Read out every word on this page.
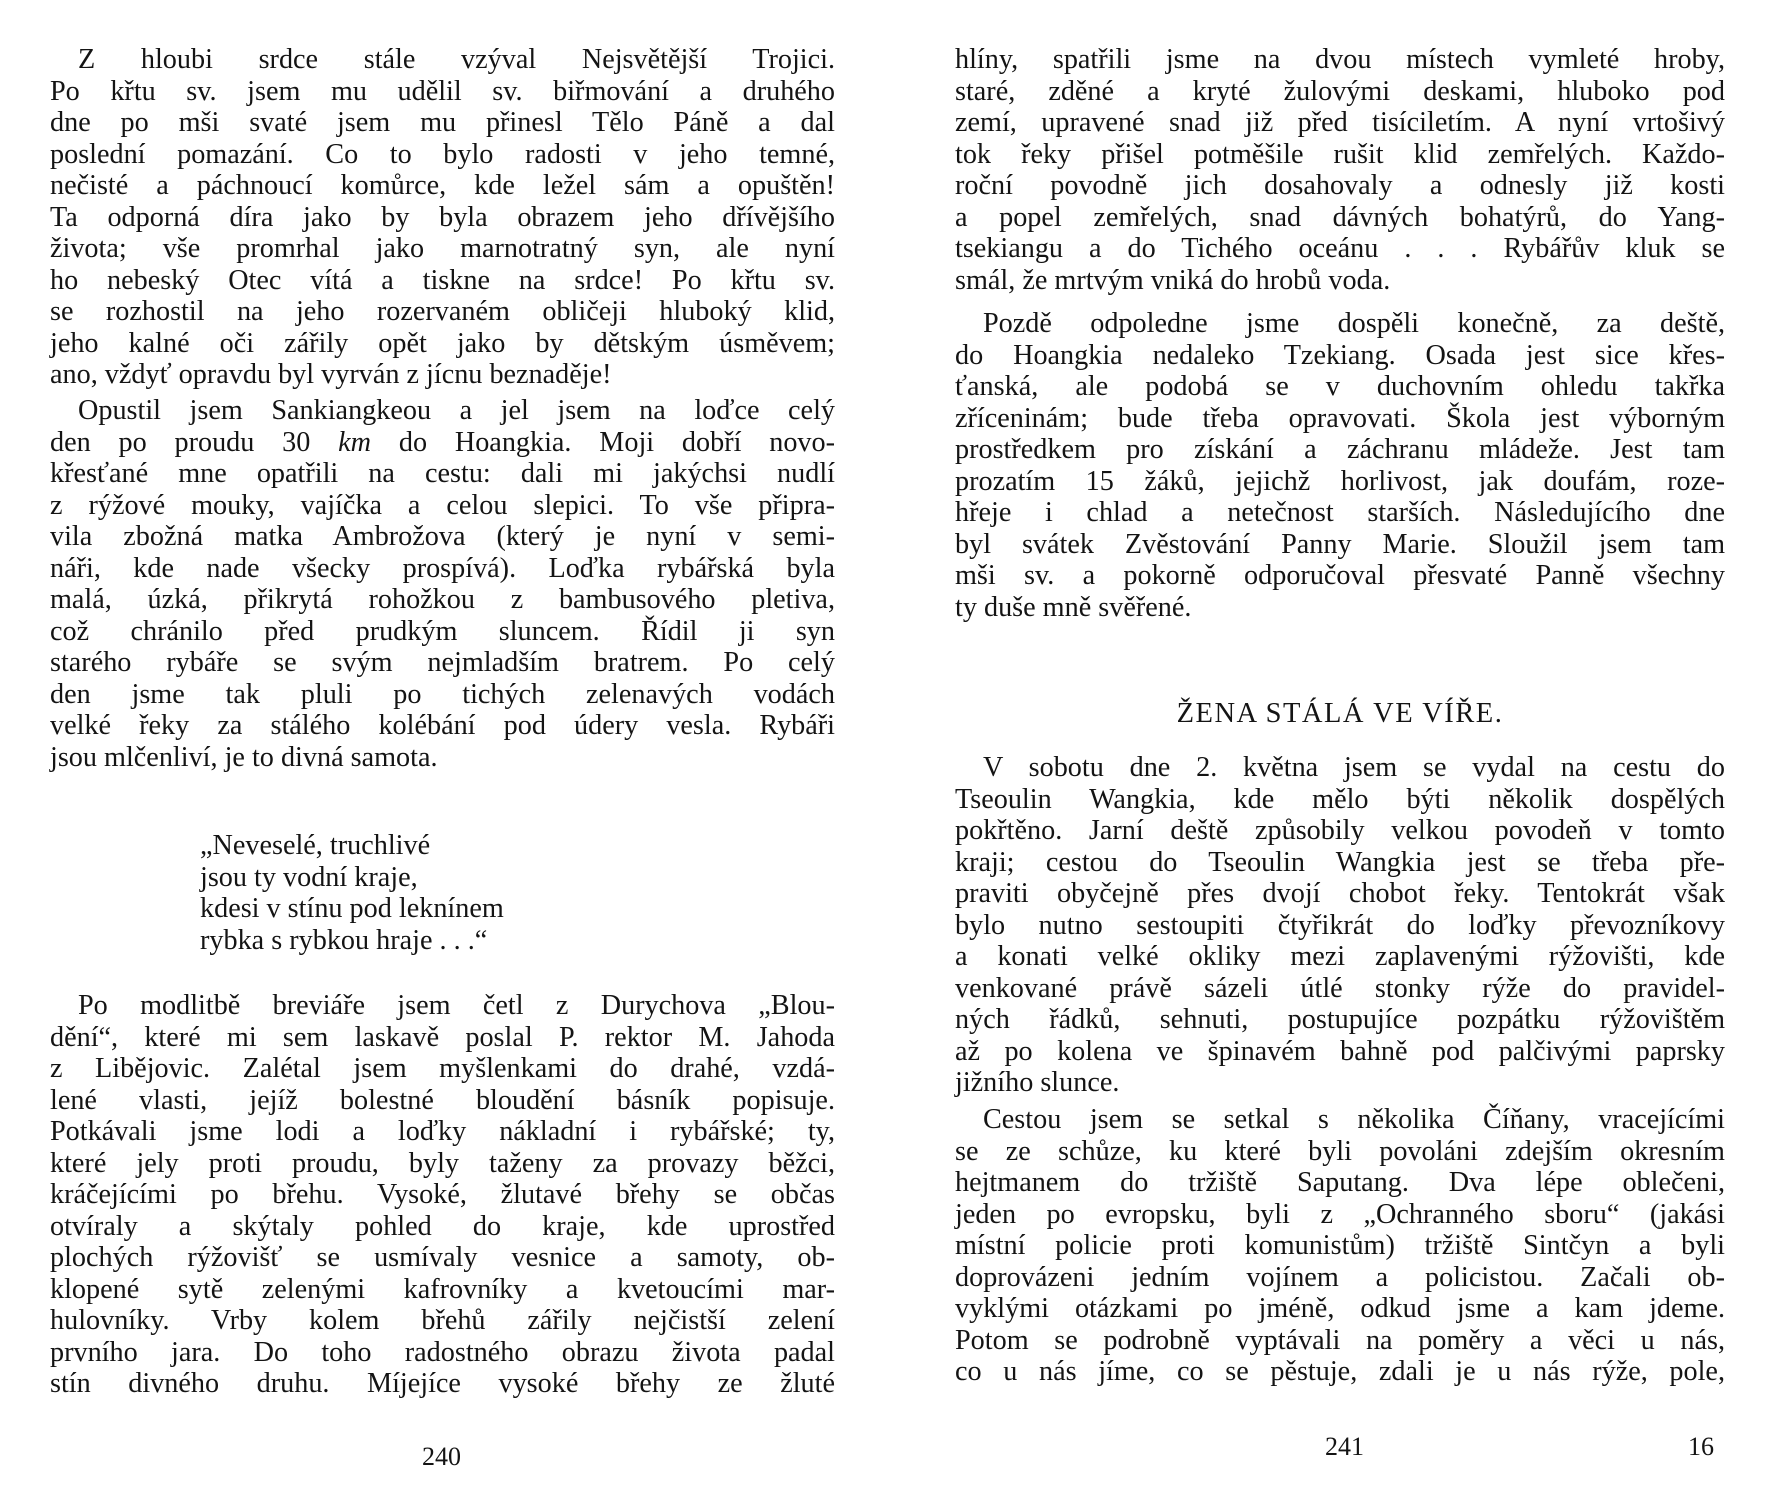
Z hloubi srdce stále vzýval Nejsvětější Trojici.
Po křtu sv. jsem mu udělil sv. biřmování a druhého
dne po mši svaté jsem mu přinesl Tělo Páně a dal
poslední pomazání. Co to bylo radosti v jeho temné,
nečisté a páchnoucí komůrce, kde ležel sám a opuštěn!
Ta odporná díra jako by byla obrazem jeho dřívějšího
života; vše promrhal jako marnotratný syn, ale nyní
ho nebeský Otec vítá a tiskne na srdce! Po křtu sv.
se rozhostil na jeho rozervaném obličeji hluboký klid,
jeho kalné oči zářily opět jako by dětským úsměvem;
ano, vždyť opravdu byl vyrván z jícnu beznaděje!
Opustil jsem Sankiangkeou a jel jsem na loďce celý
den po proudu 30 km do Hoangkia. Moji dobří novo-
křesťané mne opatřili na cestu: dali mi jakýchsi nudlí
z rýžové mouky, vajíčka a celou slepici. To vše připra-
vila zbožná matka Ambrožova (který je nyní v semi-
náři, kde nade všecky prospívá). Loďka rybářská byla
malá, úzká, přikrytá rohožkou z bambusového pletiva,
což chránilo před prudkým sluncem. Řídil ji syn
starého rybáře se svým nejmladším bratrem. Po celý
den jsme tak pluli po tichých zelenavých vodách
velké řeky za stálého kolébání pod údery vesla. Rybáři
jsou mlčenliví, je to divná samota.
„Neveselé, truchlivé
jsou ty vodní kraje,
kdesi v stínu pod leknínem
rybka s rybkou hraje . . .“
Po modlitbě breviáře jsem četl z Durychova „Blou-
dění“, které mi sem laskavě poslal P. rektor M. Jahoda
z Libějovic. Zalétal jsem myšlenkami do drahé, vzdá-
lené vlasti, jejíž bolestné bloudění básník popisuje.
Potkávali jsme lodi a loďky nákladní i rybářské; ty,
které jely proti proudu, byly taženy za provazy běžci,
kráčejícími po břehu. Vysoké, žlutavé břehy se občas
otvíraly a skýtaly pohled do kraje, kde uprostřed
plochých rýžovišť se usmívaly vesnice a samoty, ob-
klopené sytě zelenými kafrovníky a kvetoucími mar-
hulovníky. Vrby kolem břehů zářily nejčistší zelení
prvního jara. Do toho radostného obrazu života padal
stín divného druhu. Míjejíce vysoké břehy ze žluté
240
hlíny, spatřili jsme na dvou místech vymleté hroby,
staré, zděné a kryté žulovými deskami, hluboko pod
zemí, upravené snad již před tisíciletím. A nyní vrtošivý
tok řeky přišel potměšile rušit klid zemřelých. Každo-
roční povodně jich dosahovaly a odnesly již kosti
a popel zemřelých, snad dávných bohatýrů, do Yang-
tsekiangu a do Tichého oceánu . . . Rybářův kluk se
smál, že mrtvým vniká do hrobů voda.
Pozdě odpoledne jsme dospěli konečně, za deště,
do Hoangkia nedaleko Tzekiang. Osada jest sice křes-
ťanská, ale podobá se v duchovním ohledu takřka
zříceninám; bude třeba opravovati. Škola jest výborným
prostředkem pro získání a záchranu mládeže. Jest tam
prozatím 15 žáků, jejichž horlivost, jak doufám, roze-
hřeje i chlad a netečnost starších. Následujícího dne
byl svátek Zvěstování Panny Marie. Sloužil jsem tam
mši sv. a pokorně odporučoval přesvaté Panně všechny
ty duše mně svěřené.
ŽENA STÁLÁ VE VÍŘE.
V sobotu dne 2. května jsem se vydal na cestu do
Tseoulin Wangkia, kde mělo býti několik dospělých
pokřtěno. Jarní deště způsobily velkou povodeň v tomto
kraji; cestou do Tseoulin Wangkia jest se třeba pře-
praviti obyčejně přes dvojí chobot řeky. Tentokrát však
bylo nutno sestoupiti čtyřikrát do loďky převozníkovy
a konati velké okliky mezi zaplavenými rýžovišti, kde
venkované právě sázeli útlé stonky rýže do pravidel-
ných řádků, sehnuti, postupujíce pozpátku rýžovištěm
až po kolena ve špinavém bahně pod palčivými paprsky
jižního slunce.
Cestou jsem se setkal s několika Číňany, vracejícími
se ze schůze, ku které byli povoláni zdejším okresním
hejtmanem do tržiště Saputang. Dva lépe oblečeni,
jeden po evropsku, byli z „Ochranného sboru“ (jakási
místní policie proti komunistům) tržiště Sintčyn a byli
doprovázeni jedním vojínem a policistou. Začali ob-
vyklými otázkami po jméně, odkud jsme a kam jdeme.
Potom se podrobně vyptávali na poměry a věci u nás,
co u nás jíme, co se pěstuje, zdali je u nás rýže, pole,
241	16
